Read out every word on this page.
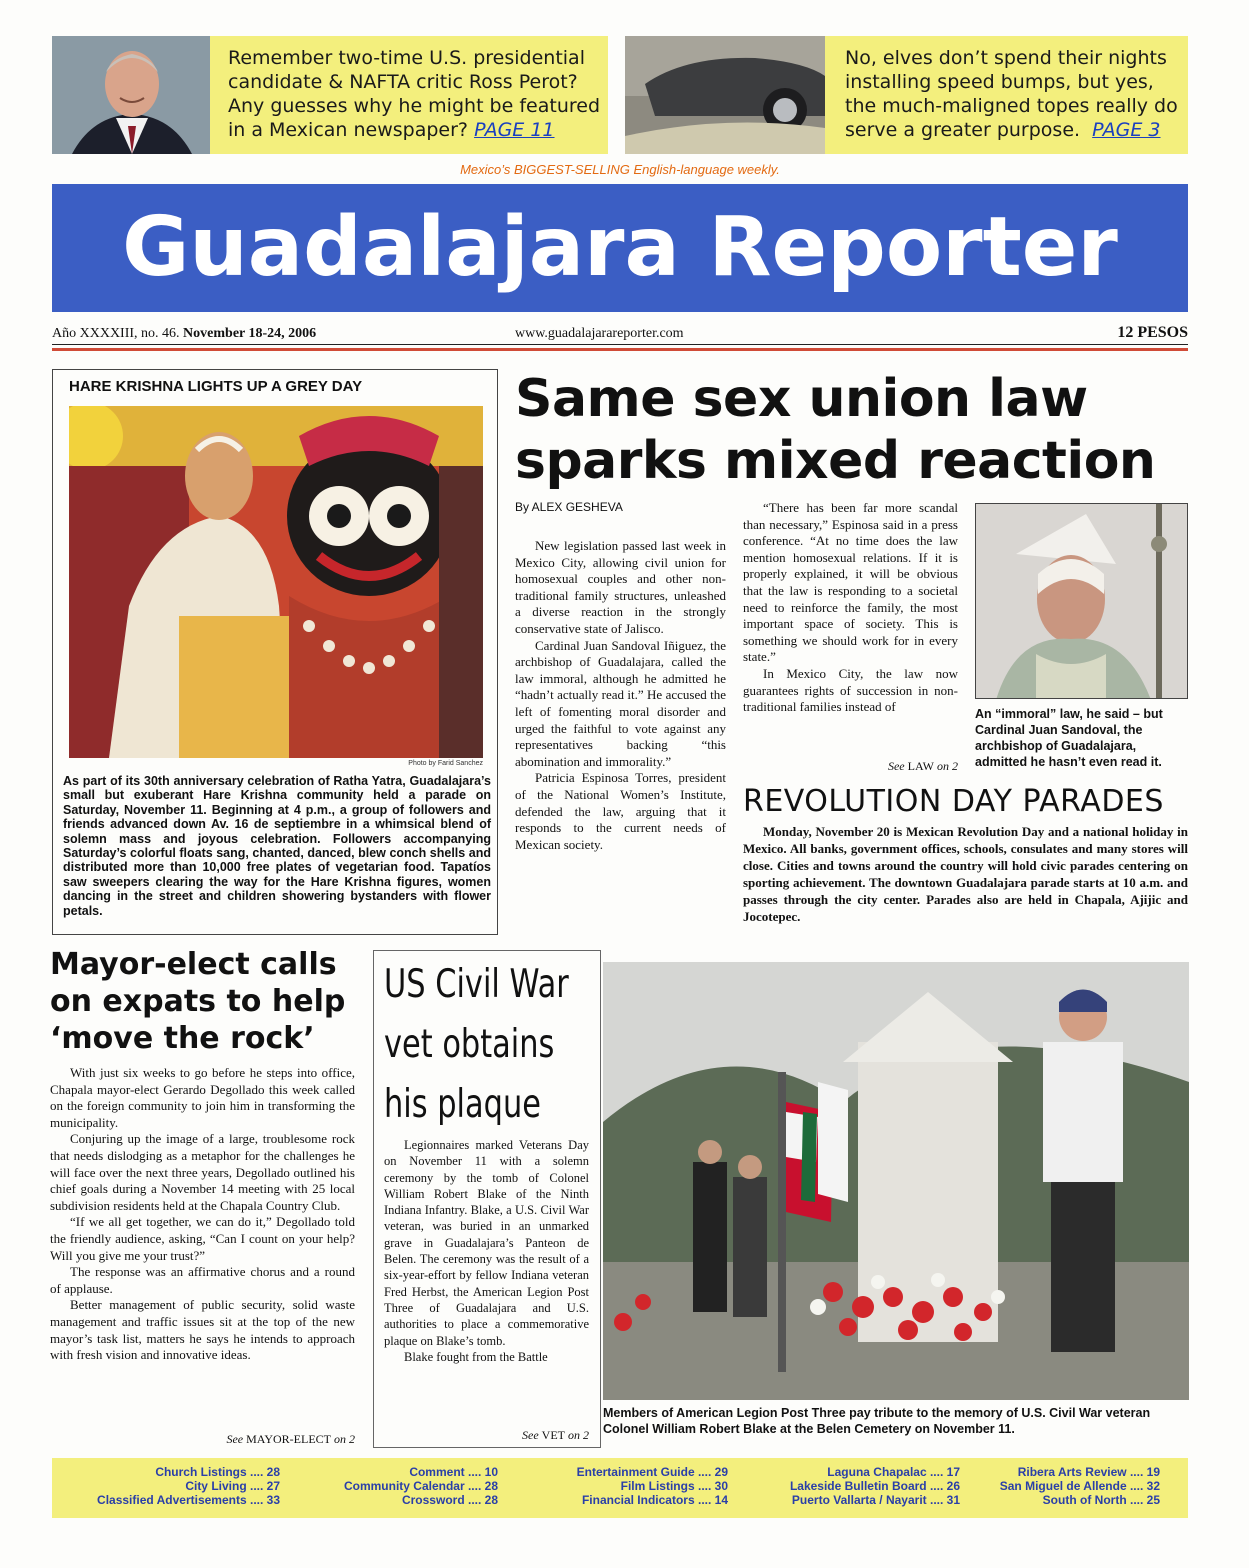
Remember two-time U.S. presidential
candidate & NAFTA critic Ross Perot?
Any guesses why he might be featured
in a Mexican newspaper? PAGE 11
No, elves don’t spend their nights
installing speed bumps, but yes,
the much-maligned topes really do
serve a greater purpose. PAGE 3
Mexico’s BIGGEST-SELLING English-language weekly.
Guadalajara Reporter
Año XXXXIII, no. 46. November 18-24, 2006	www.guadalajarareporter.com	12 PESOS
HARE KRISHNA LIGHTS UP A GREY DAY
Photo by Farid Sanchez
As part of its 30th anniversary celebration of Ratha Yatra, Guadalajara’s small but exuberant Hare Krishna community held a parade on Saturday, November 11. Beginning at 4 p.m., a group of followers and friends advanced down Av. 16 de septiembre in a whimsical blend of solemn mass and joyous celebration. Followers accompanying Saturday’s colorful floats sang, chanted, danced, blew conch shells and distributed more than 10,000 free plates of vegetarian food. Tapatíos saw sweepers clearing the way for the Hare Krishna figures, women dancing in the street and children showering bystanders with flower petals.
Same sex union law
sparks mixed reaction
By ALEX GESHEVA

New legislation passed last week in Mexico City, allowing civil union for homosexual couples and other non-traditional family structures, unleashed a diverse reaction in the strongly conservative state of Jalisco.

Cardinal Juan Sandoval Iñiguez, the archbishop of Guadalajara, called the law immoral, although he admitted he “hadn’t actually read it.” He accused the left of fomenting moral disorder and urged the faithful to vote against any representatives backing “this abomination and immorality.”

Patricia Espinosa Torres, president of the National Women’s Institute, defended the law, arguing that it responds to the current needs of Mexican society.

“There has been far more scandal than necessary,” Espinosa said in a press conference. “At no time does the law mention homosexual relations. If it is properly explained, it will be obvious that the law is responding to a societal need to reinforce the family, the most important space of society. This is something we should work for in every state.”

In Mexico City, the law now guarantees rights of succession in non-traditional families instead of

See LAW on 2
An “immoral” law, he said – but Cardinal Juan Sandoval, the archbishop of Guadalajara, admitted he hasn’t even read it.
REVOLUTION DAY PARADES
Monday, November 20 is Mexican Revolution Day and a national holiday in Mexico. All banks, government offices, schools, consulates and many stores will close. Cities and towns around the country will hold civic parades centering on sporting achievement. The downtown Guadalajara parade starts at 10 a.m. and passes through the city center. Parades also are held in Chapala, Ajijic and Jocotepec.
Mayor-elect calls
on expats to help
‘move the rock’

With just six weeks to go before he steps into office, Chapala mayor-elect Gerardo Degollado this week called on the foreign community to join him in transforming the municipality.

Conjuring up the image of a large, troublesome rock that needs dislodging as a metaphor for the challenges he will face over the next three years, Degollado outlined his chief goals during a November 14 meeting with 25 local subdivision residents held at the Chapala Country Club.

“If we all get together, we can do it,” Degollado told the friendly audience, asking, “Can I count on your help? Will you give me your trust?”

The response was an affirmative chorus and a round of applause.

Better management of public security, solid waste management and traffic issues sit at the top of the new mayor’s task list, matters he says he intends to approach with fresh vision and innovative ideas.

See MAYOR-ELECT on 2
US Civil War
vet obtains
his plaque

Legionnaires marked Veterans Day on November 11 with a solemn ceremony by the tomb of Colonel William Robert Blake of the Ninth Indiana Infantry. Blake, a U.S. Civil War veteran, was buried in an unmarked grave in Guadalajara’s Panteon de Belen. The ceremony was the result of a six-year-effort by fellow Indiana veteran Fred Herbst, the American Legion Post Three of Guadalajara and U.S. authorities to place a commemorative plaque on Blake’s tomb.

Blake fought from the Battle

See VET on 2
Members of American Legion Post Three pay tribute to the memory of U.S. Civil War veteran Colonel William Robert Blake at the Belen Cemetery on November 11.
Church Listings .... 28
City Living .... 27
Classified Advertisements .... 33
Comment .... 10
Community Calendar .... 28
Crossword .... 28
Entertainment Guide .... 29
Film Listings .... 30
Financial Indicators .... 14
Laguna Chapalac .... 17
Lakeside Bulletin Board .... 26
Puerto Vallarta / Nayarit .... 31
Ribera Arts Review .... 19
San Miguel de Allende .... 32
South of North .... 25
